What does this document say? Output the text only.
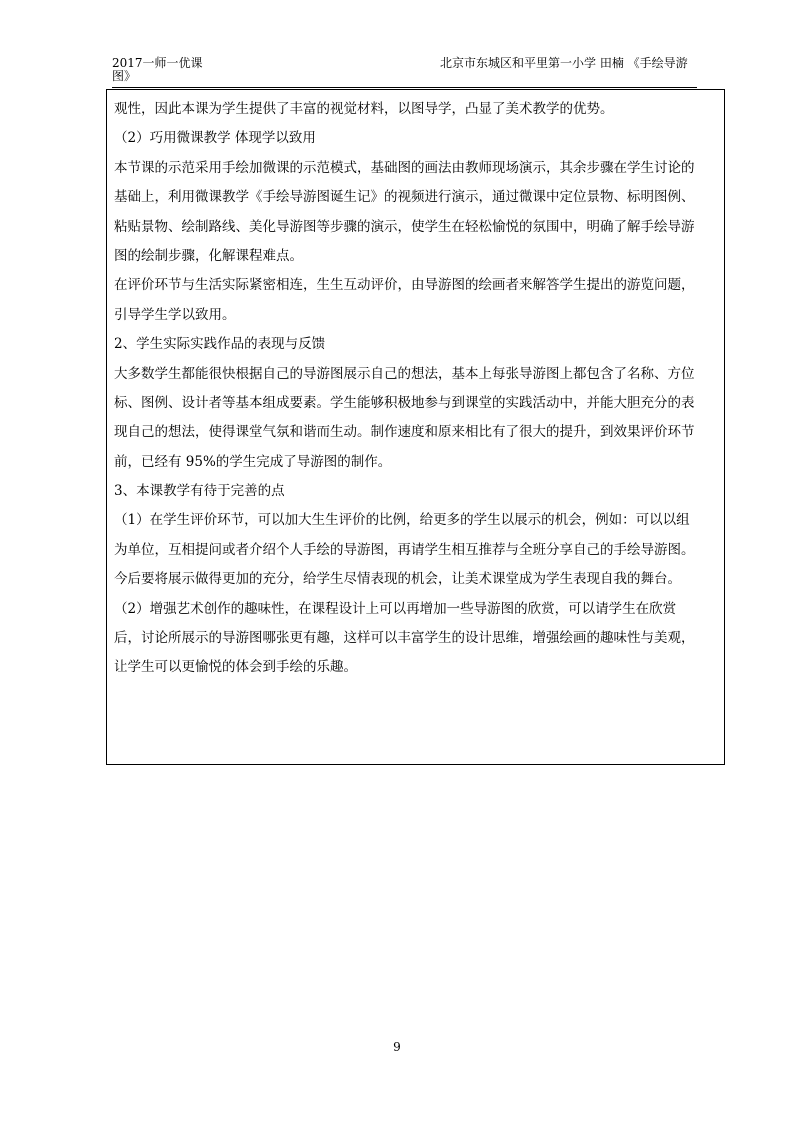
2017一师一优课
图》
北京市东城区和平里第一小学 田楠 《手绘导游
观性，因此本课为学生提供了丰富的视觉材料，以图导学，凸显了美术教学的优势。
（2）巧用微课教学 体现学以致用
本节课的示范采用手绘加微课的示范模式，基础图的画法由教师现场演示，其余步骤在学生讨论的
基础上，利用微课教学《手绘导游图诞生记》的视频进行演示，通过微课中定位景物、标明图例、
粘贴景物、绘制路线、美化导游图等步骤的演示，使学生在轻松愉悦的氛围中，明确了解手绘导游
图的绘制步骤，化解课程难点。
在评价环节与生活实际紧密相连，生生互动评价，由导游图的绘画者来解答学生提出的游览问题，
引导学生学以致用。
2、学生实际实践作品的表现与反馈
大多数学生都能很快根据自己的导游图展示自己的想法，基本上每张导游图上都包含了名称、方位
标、图例、设计者等基本组成要素。学生能够积极地参与到课堂的实践活动中，并能大胆充分的表
现自己的想法，使得课堂气氛和谐而生动。制作速度和原来相比有了很大的提升，到效果评价环节
前，已经有 95%的学生完成了导游图的制作。
3、本课教学有待于完善的点
（1）在学生评价环节，可以加大生生评价的比例，给更多的学生以展示的机会，例如：可以以组
为单位，互相提问或者介绍个人手绘的导游图，再请学生相互推荐与全班分享自己的手绘导游图。
今后要将展示做得更加的充分，给学生尽情表现的机会，让美术课堂成为学生表现自我的舞台。
（2）增强艺术创作的趣味性，在课程设计上可以再增加一些导游图的欣赏，可以请学生在欣赏
后，讨论所展示的导游图哪张更有趣，这样可以丰富学生的设计思维，增强绘画的趣味性与美观，
让学生可以更愉悦的体会到手绘的乐趣。
9
